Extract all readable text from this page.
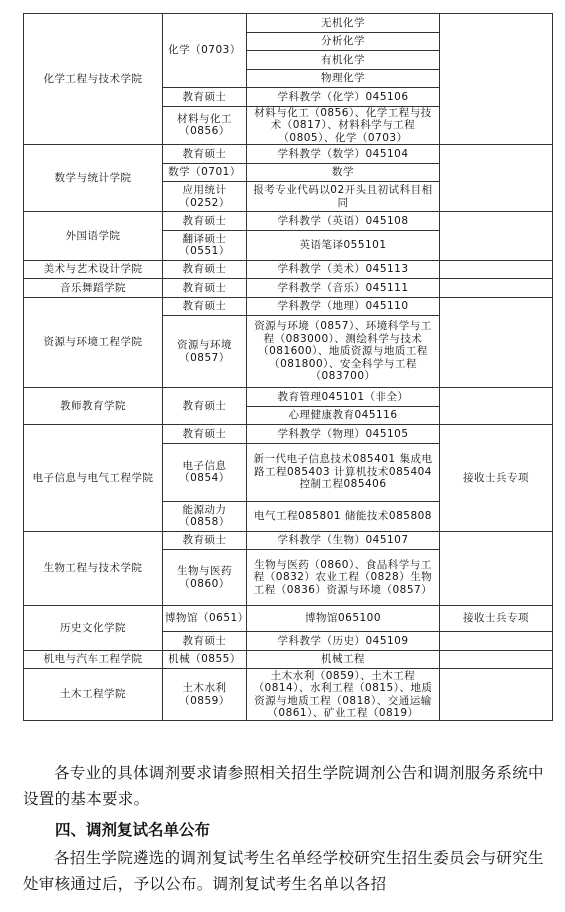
化学工程与技术学院	化学（0703）	无机化学	
		分析化学	
		有机化学	
		物理化学	
	教育硕士	学科教学（化学）045106	
	材料与化工（0856）	材料与化工（0856）、化学工程与技术（0817）、材料科学与工程（0805）、化学（0703）	
数学与统计学院	教育硕士	学科教学（数学）045104	
	数学（0701）	数学	
	应用统计（0252）	报考专业代码以02开头且初试科目相同	
外国语学院	教育硕士	学科教学（英语）045108	
	翻译硕士（0551）	英语笔译055101	
美术与艺术设计学院	教育硕士	学科教学（美术）045113	
音乐舞蹈学院	教育硕士	学科教学（音乐）045111	
资源与环境工程学院	教育硕士	学科教学（地理）045110	
	资源与环境（0857）	资源与环境（0857）、环境科学与工程（083000）、测绘科学与技术（081600）、地质资源与地质工程（081800）、安全科学与工程（083700）	
教师教育学院	教育硕士	教育管理045101（非全）	
		心理健康教育045116	
电子信息与电气工程学院	教育硕士	学科教学（物理）045105	接收士兵专项
	电子信息（0854）	新一代电子信息技术085401 集成电路工程085403 计算机技术085404 控制工程085406	
	能源动力（0858）	电气工程085801 储能技术085808	
生物工程与技术学院	教育硕士	学科教学（生物）045107	
	生物与医药（0860）	生物与医药（0860）、食品科学与工程（0832）农业工程（0828）生物工程（0836）资源与环境（0857）	
历史文化学院	博物馆（0651）	博物馆065100	接收士兵专项
	教育硕士	学科教学（历史）045109	
机电与汽车工程学院	机械（0855）	机械工程	
土木工程学院	土木水利（0859）	土木水利（0859）、土木工程（0814）、水利工程（0815）、地质资源与地质工程（0818）、交通运输（0861）、矿业工程（0819）	
各专业的具体调剂要求请参照相关招生学院调剂公告和调剂服务系统中设置的基本要求。
四、调剂复试名单公布
各招生学院遴选的调剂复试考生名单经学校研究生招生委员会与研究生处审核通过后，予以公布。调剂复试考生名单以各招
